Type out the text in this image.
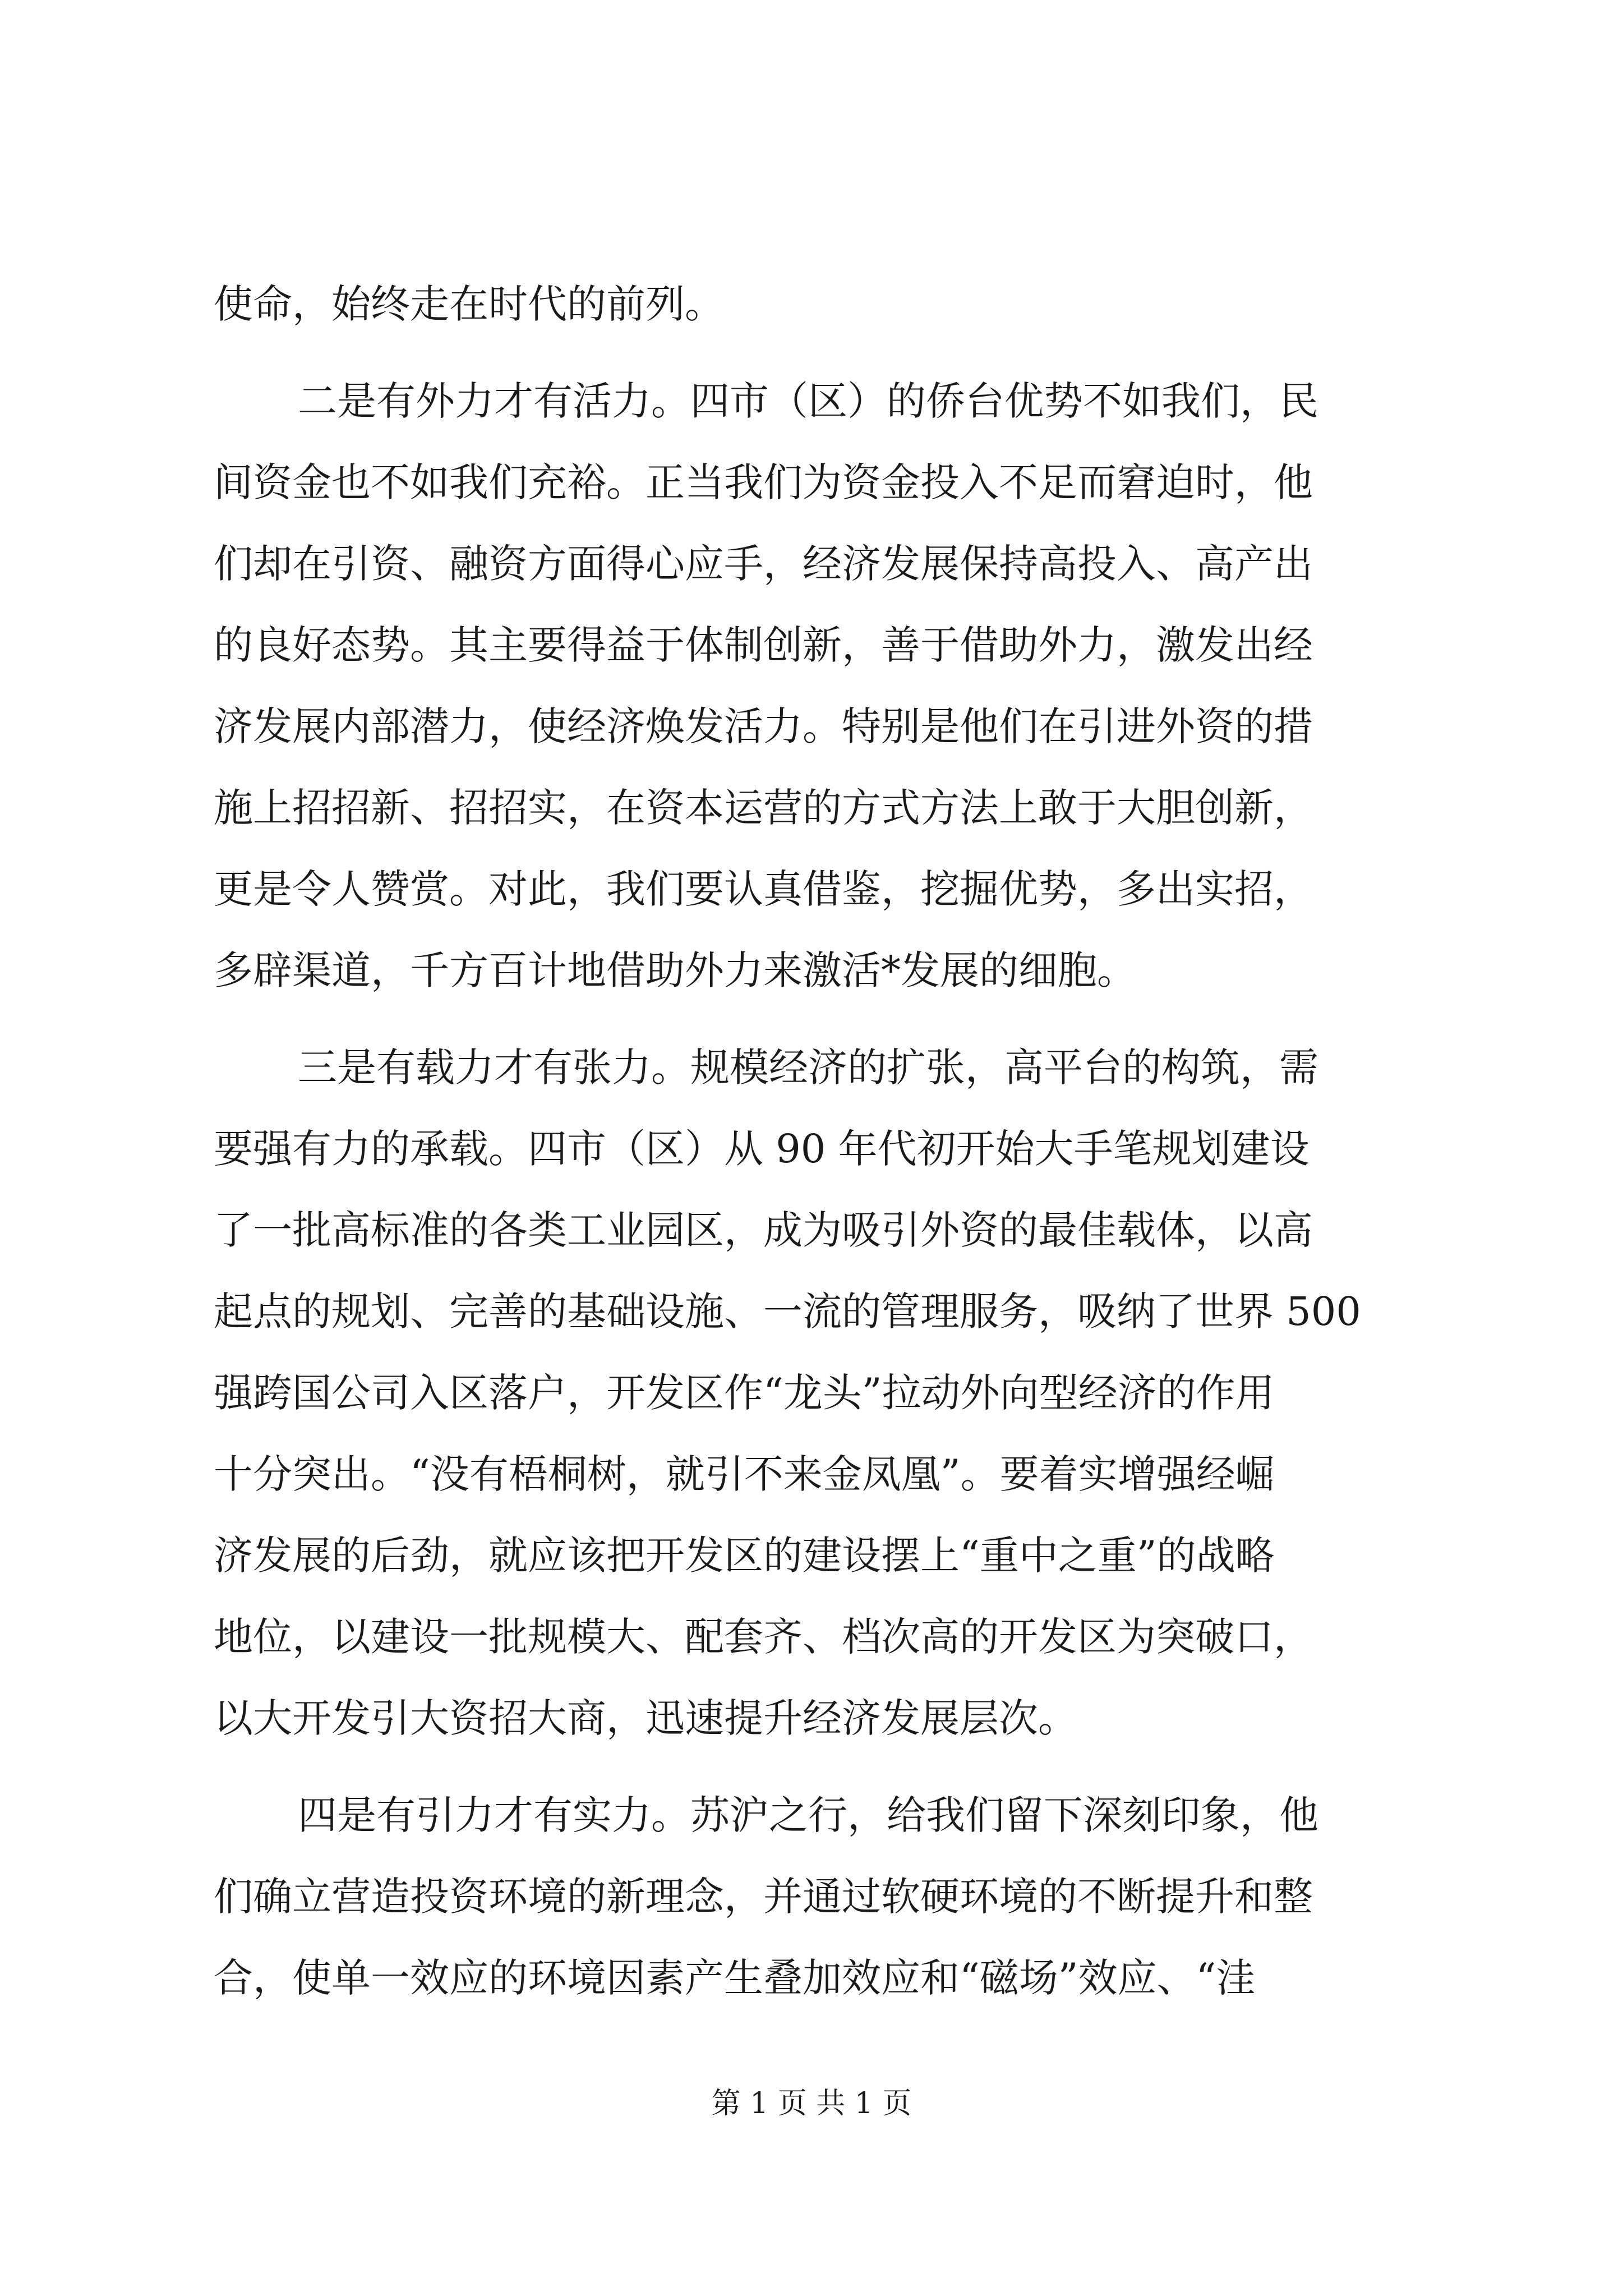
使命，始终走在时代的前列。
二是有外力才有活力。四市（区）的侨台优势不如我们，民
间资金也不如我们充裕。正当我们为资金投入不足而窘迫时，他
们却在引资、融资方面得心应手，经济发展保持高投入、高产出
的良好态势。其主要得益于体制创新，善于借助外力，激发出经
济发展内部潜力，使经济焕发活力。特别是他们在引进外资的措
施上招招新、招招实，在资本运营的方式方法上敢于大胆创新，
更是令人赞赏。对此，我们要认真借鉴，挖掘优势，多出实招，
多辟渠道，千方百计地借助外力来激活*发展的细胞。
三是有载力才有张力。规模经济的扩张，高平台的构筑，需
要强有力的承载。四市（区）从 90 年代初开始大手笔规划建设
了一批高标准的各类工业园区，成为吸引外资的最佳载体，以高
起点的规划、完善的基础设施、一流的管理服务，吸纳了世界 500
强跨国公司入区落户，开发区作“龙头”拉动外向型经济的作用
十分突出。“没有梧桐树，就引不来金凤凰”。要着实增强经崛
济发展的后劲，就应该把开发区的建设摆上“重中之重”的战略
地位，以建设一批规模大、配套齐、档次高的开发区为突破口，
以大开发引大资招大商，迅速提升经济发展层次。
四是有引力才有实力。苏沪之行，给我们留下深刻印象，他
们确立营造投资环境的新理念，并通过软硬环境的不断提升和整
合，使单一效应的环境因素产生叠加效应和“磁场”效应、“洼
第 1 页 共 1 页
